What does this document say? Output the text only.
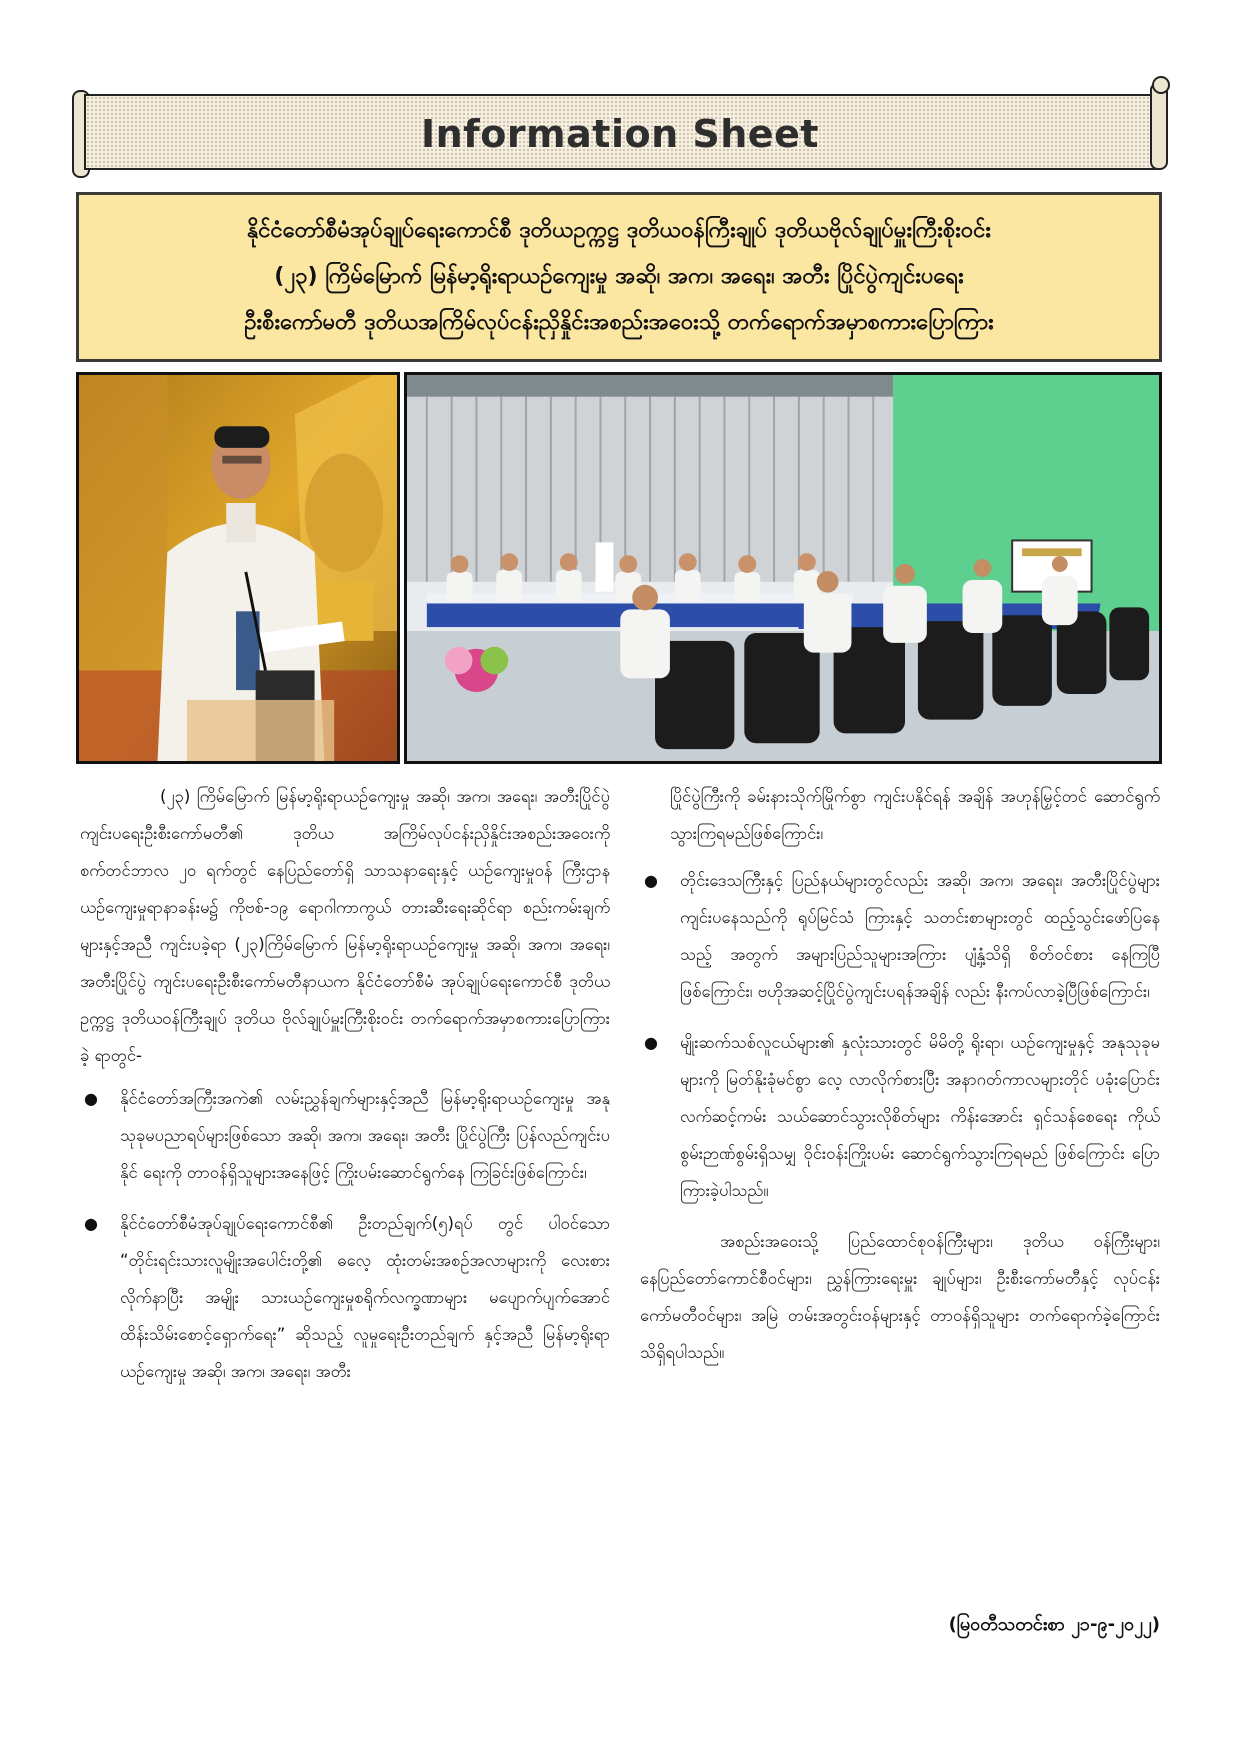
Information Sheet

နိုင်ငံတော်စီမံအုပ်ချုပ်ရေးကောင်စီ ဒုတိယဥက္ကဋ္ဌ ဒုတိယဝန်ကြီးချုပ် ဒုတိယဗိုလ်ချုပ်မှူးကြီးစိုးဝင်း

(၂၃) ကြိမ်မြောက် မြန်မာ့ရိုးရာယဉ်ကျေးမှု အဆို၊ အက၊ အရေး၊ အတီး ပြိုင်ပွဲကျင်းပရေး

ဦးစီးကော်မတီ ဒုတိယအကြိမ်လုပ်ငန်းညှိနှိုင်းအစည်းအဝေးသို့ တက်ရောက်အမှာစကားပြောကြား

(၂၃) ကြိမ်မြောက် မြန်မာ့ရိုးရာယဉ်ကျေးမှု အဆို၊ အက၊ အရေး၊ အတီးပြိုင်ပွဲ ကျင်းပရေးဦးစီးကော်မတီ၏ ဒုတိယ အကြိမ်လုပ်ငန်းညှိနှိုင်းအစည်းအဝေးကို စက်တင်ဘာလ ၂၀ ရက်တွင် နေပြည်တော်ရှိ သာသနာရေးနှင့် ယဉ်ကျေးမှုဝန် ကြီးဌာန ယဉ်ကျေးမှုရာနာခန်းမ၌ ကိုဗစ်-၁၉ ရောဂါကာကွယ် တားဆီးရေးဆိုင်ရာ စည်းကမ်းချက်များနှင့်အညီ ကျင်းပခဲ့ရာ (၂၃)ကြိမ်မြောက် မြန်မာ့ရိုးရာယဉ်ကျေးမှု အဆို၊ အက၊ အရေး၊ အတီးပြိုင်ပွဲ ကျင်းပရေးဦးစီးကော်မတီနာယက နိုင်ငံတော်စီမံ အုပ်ချုပ်ရေးကောင်စီ ဒုတိယဥက္ကဋ္ဌ ဒုတိယဝန်ကြီးချုပ် ဒုတိယ ဗိုလ်ချုပ်မှူးကြီးစိုးဝင်း တက်ရောက်အမှာစကားပြောကြားခဲ့ ရာတွင်-

● နိုင်ငံတော်အကြီးအကဲ၏ လမ်းညွှန်ချက်များနှင့်အညီ မြန်မာ့ရိုးရာယဉ်ကျေးမှု အနုသုခုမပညာရပ်များဖြစ်သော အဆို၊ အက၊ အရေး၊ အတီး ပြိုင်ပွဲကြီး ပြန်လည်ကျင်းပနိုင် ရေးကို တာဝန်ရှိသူများအနေဖြင့် ကြိုးပမ်းဆောင်ရွက်နေ ကြခြင်းဖြစ်ကြောင်း၊
● နိုင်ငံတော်စီမံအုပ်ချုပ်ရေးကောင်စီ၏ ဦးတည်ချက်(၅)ရပ် တွင် ပါဝင်သော “တိုင်းရင်းသားလူမျိုးအပေါင်းတို့၏ ဓလေ့ ထုံးတမ်းအစဉ်အလာများကို လေးစားလိုက်နာပြီး အမျိုး သားယဉ်ကျေးမှုစရိုက်လက္ခဏာများ မပျောက်ပျက်အောင် ထိန်းသိမ်းစောင့်ရှောက်ရေး” ဆိုသည့် လူမှုရေးဦးတည်ချက် နှင့်အညီ မြန်မာ့ရိုးရာယဉ်ကျေးမှု အဆို၊ အက၊ အရေး၊ အတီး

ပြိုင်ပွဲကြီးကို ခမ်းနားသိုက်မြိုက်စွာ ကျင်းပနိုင်ရန် အချိန် အဟုန်မြှင့်တင် ဆောင်ရွက်သွားကြရမည်ဖြစ်ကြောင်း၊

● တိုင်းဒေသကြီးနှင့် ပြည်နယ်များတွင်လည်း အဆို၊ အက၊ အရေး၊ အတီးပြိုင်ပွဲများ ကျင်းပနေသည်ကို ရုပ်မြင်သံ ကြားနှင့် သတင်းစာများတွင် ထည့်သွင်းဖော်ပြနေသည့် အတွက် အများပြည်သူများအကြား ပျံ့နှံ့သိရှိ စိတ်ဝင်စား နေကြပြီ ဖြစ်ကြောင်း၊ ဗဟိုအဆင့်ပြိုင်ပွဲကျင်းပရန်အချိန် လည်း နီးကပ်လာခဲ့ပြီဖြစ်ကြောင်း၊
● မျိုးဆက်သစ်လူငယ်များ၏ နှလုံးသားတွင် မိမိတို့ ရိုးရာ၊ ယဉ်ကျေးမှုနှင့် အနုသုခုမများကို မြတ်နိုးခုံမင်စွာ လေ့ လာလိုက်စားပြီး အနာဂတ်ကာလများတိုင် ပခုံးပြောင်း လက်ဆင့်ကမ်း သယ်ဆောင်သွားလိုစိတ်များ ကိန်းအောင်း ရှင်သန်စေရေး ကိုယ်စွမ်းဉာဏ်စွမ်းရှိသမျှ ဝိုင်းဝန်းကြိုးပမ်း ဆောင်ရွက်သွားကြရမည် ဖြစ်ကြောင်း ပြောကြားခဲ့ပါသည်။

အစည်းအဝေးသို့ ပြည်ထောင်စုဝန်ကြီးများ၊ ဒုတိယ ဝန်ကြီးများ၊ နေပြည်တော်ကောင်စီဝင်များ၊ ညွှန်ကြားရေးမှူး ချုပ်များ၊ ဦးစီးကော်မတီနှင့် လုပ်ငန်းကော်မတီဝင်များ၊ အမြဲ တမ်းအတွင်းဝန်များနှင့် တာဝန်ရှိသူများ တက်ရောက်ခဲ့ကြောင်း သိရှိရပါသည်။

(မြဝတီသတင်းစာ ၂၁-၉-၂၀၂၂)
